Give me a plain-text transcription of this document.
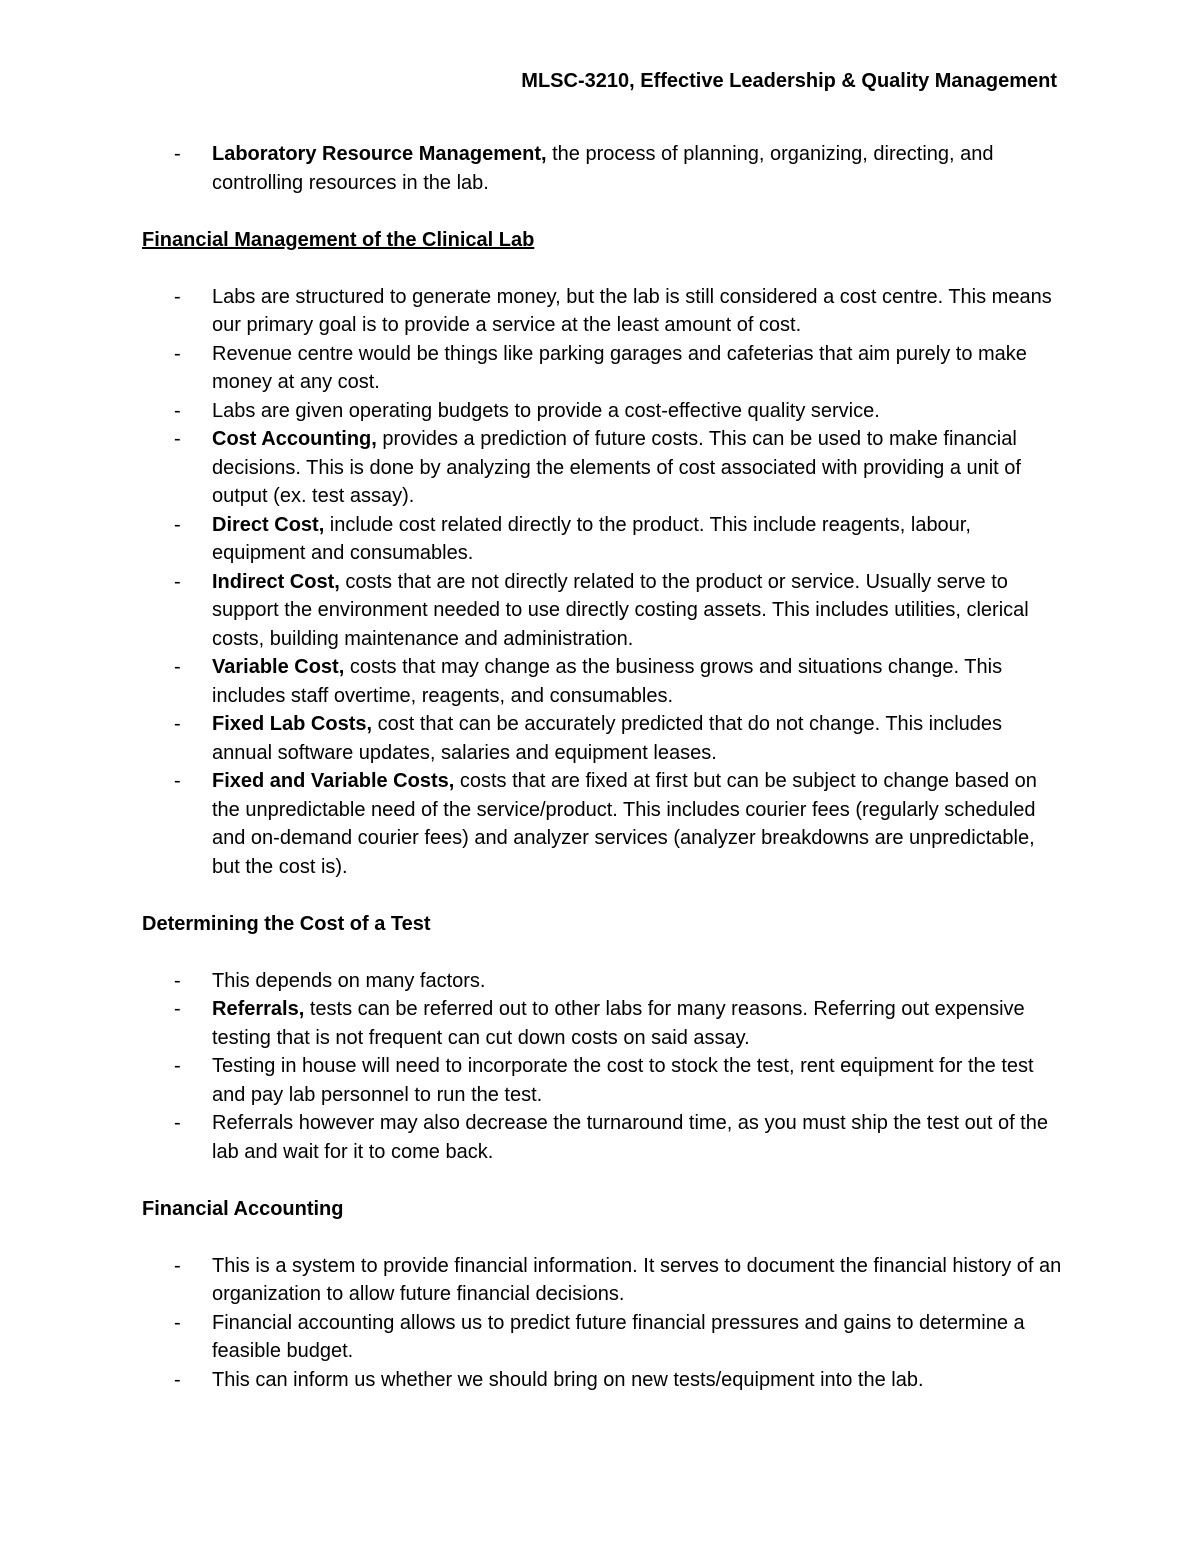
MLSC-3210, Effective Leadership & Quality Management
- Laboratory Resource Management, the process of planning, organizing, directing, and controlling resources in the lab.
Financial Management of the Clinical Lab
- Labs are structured to generate money, but the lab is still considered a cost centre. This means our primary goal is to provide a service at the least amount of cost.
- Revenue centre would be things like parking garages and cafeterias that aim purely to make money at any cost.
- Labs are given operating budgets to provide a cost-effective quality service.
- Cost Accounting, provides a prediction of future costs. This can be used to make financial decisions. This is done by analyzing the elements of cost associated with providing a unit of output (ex. test assay).
- Direct Cost, include cost related directly to the product. This include reagents, labour, equipment and consumables.
- Indirect Cost, costs that are not directly related to the product or service. Usually serve to support the environment needed to use directly costing assets. This includes utilities, clerical costs, building maintenance and administration.
- Variable Cost, costs that may change as the business grows and situations change. This includes staff overtime, reagents, and consumables.
- Fixed Lab Costs, cost that can be accurately predicted that do not change. This includes annual software updates, salaries and equipment leases.
- Fixed and Variable Costs, costs that are fixed at first but can be subject to change based on the unpredictable need of the service/product. This includes courier fees (regularly scheduled and on-demand courier fees) and analyzer services (analyzer breakdowns are unpredictable, but the cost is).
Determining the Cost of a Test
- This depends on many factors.
- Referrals, tests can be referred out to other labs for many reasons. Referring out expensive testing that is not frequent can cut down costs on said assay.
- Testing in house will need to incorporate the cost to stock the test, rent equipment for the test and pay lab personnel to run the test.
- Referrals however may also decrease the turnaround time, as you must ship the test out of the lab and wait for it to come back.
Financial Accounting
- This is a system to provide financial information. It serves to document the financial history of an organization to allow future financial decisions.
- Financial accounting allows us to predict future financial pressures and gains to determine a feasible budget.
- This can inform us whether we should bring on new tests/equipment into the lab.
